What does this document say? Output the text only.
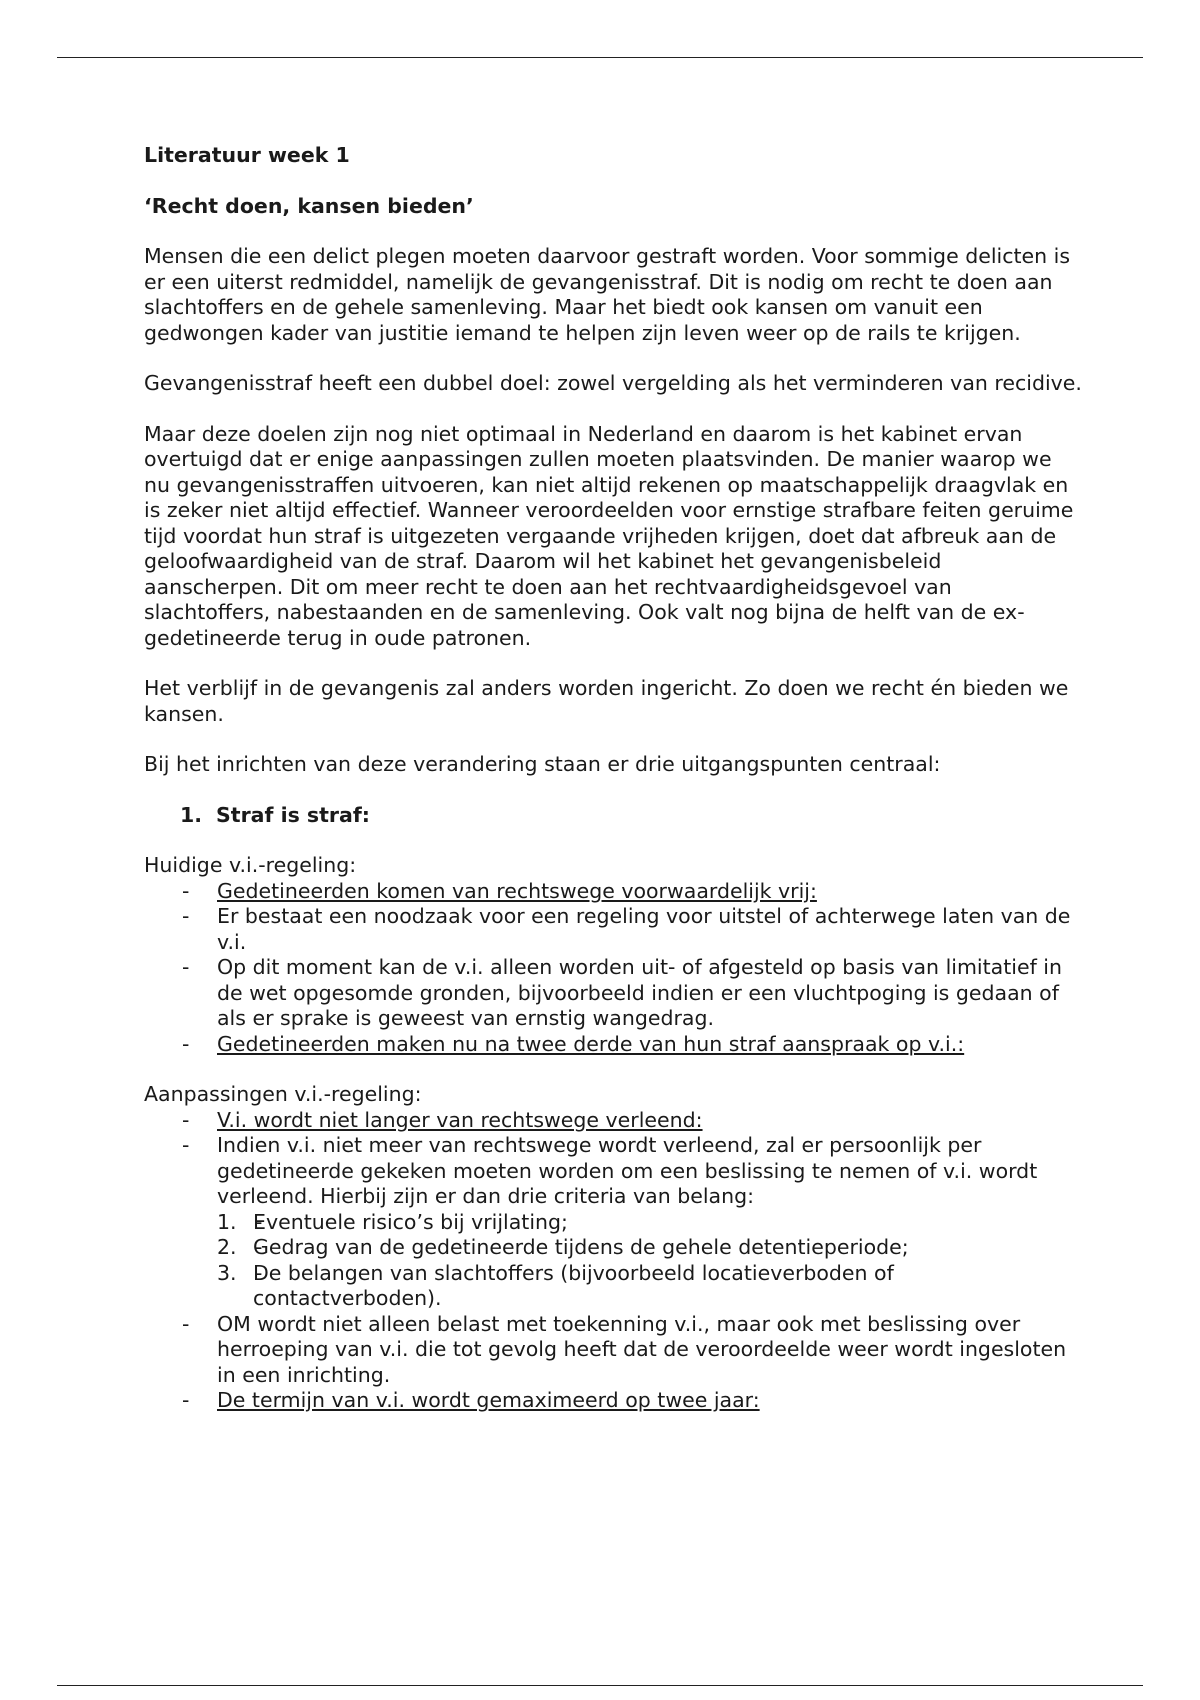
Literatuur week 1
‘Recht doen, kansen bieden’

Mensen die een delict plegen moeten daarvoor gestraft worden. Voor sommige delicten is er een uiterst redmiddel, namelijk de gevangenisstraf. Dit is nodig om recht te doen aan slachtoffers en de gehele samenleving. Maar het biedt ook kansen om vanuit een gedwongen kader van justitie iemand te helpen zijn leven weer op de rails te krijgen.

Gevangenisstraf heeft een dubbel doel: zowel vergelding als het verminderen van recidive.

Maar deze doelen zijn nog niet optimaal in Nederland en daarom is het kabinet ervan overtuigd dat er enige aanpassingen zullen moeten plaatsvinden. De manier waarop we nu gevangenisstraffen uitvoeren, kan niet altijd rekenen op maatschappelijk draagvlak en is zeker niet altijd effectief. Wanneer veroordeelden voor ernstige strafbare feiten geruime tijd voordat hun straf is uitgezeten vergaande vrijheden krijgen, doet dat afbreuk aan de geloofwaardigheid van de straf. Daarom wil het kabinet het gevangenisbeleid aanscherpen. Dit om meer recht te doen aan het rechtvaardigheidsgevoel van slachtoffers, nabestaanden en de samenleving. Ook valt nog bijna de helft van de ex-gedetineerde terug in oude patronen.

Het verblijf in de gevangenis zal anders worden ingericht. Zo doen we recht én bieden we kansen.

Bij het inrichten van deze verandering staan er drie uitgangspunten centraal:

1. Straf is straf:
Huidige v.i.-regeling:
- Gedetineerden komen van rechtswege voorwaardelijk vrij:
- Er bestaat een noodzaak voor een regeling voor uitstel of achterwege laten van de v.i.
- Op dit moment kan de v.i. alleen worden uit- of afgesteld op basis van limitatief in de wet opgesomde gronden, bijvoorbeeld indien er een vluchtpoging is gedaan of als er sprake is geweest van ernstig wangedrag.
- Gedetineerden maken nu na twee derde van hun straf aanspraak op v.i.:
Aanpassingen v.i.-regeling:
- V.i. wordt niet langer van rechtswege verleend:
- Indien v.i. niet meer van rechtswege wordt verleend, zal er persoonlijk per gedetineerde gekeken moeten worden om een beslissing te nemen of v.i. wordt verleend. Hierbij zijn er dan drie criteria van belang:
- 1. Eventuele risico’s bij vrijlating;
- 2. Gedrag van de gedetineerde tijdens de gehele detentieperiode;
- 3. De belangen van slachtoffers (bijvoorbeeld locatieverboden of contactverboden).
- OM wordt niet alleen belast met toekenning v.i., maar ook met beslissing over herroeping van v.i. die tot gevolg heeft dat de veroordeelde weer wordt ingesloten in een inrichting.
- De termijn van v.i. wordt gemaximeerd op twee jaar:
